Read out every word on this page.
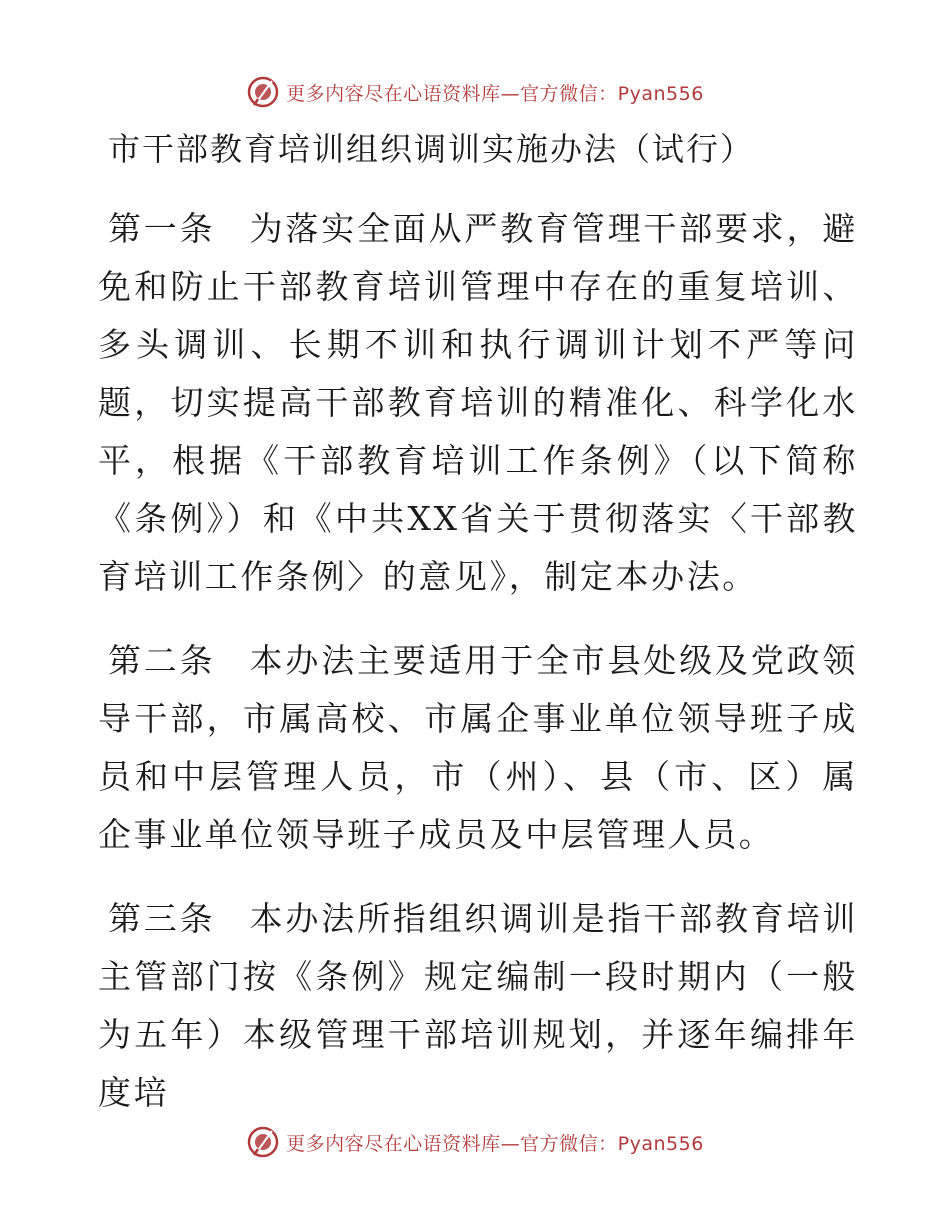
更多内容尽在心语资料库—官方微信：Pyan556
市干部教育培训组织调训实施办法（试行）

第一条 为落实全面从严教育管理干部要求，避免和防止干部教育培训管理中存在的重复培训、多头调训、长期不训和执行调训计划不严等问题，切实提高干部教育培训的精准化、科学化水平，根据《干部教育培训工作条例》（以下简称《条例》）和《中共XX省关于贯彻落实〈干部教育培训工作条例〉的意见》，制定本办法。

第二条 本办法主要适用于全市县处级及党政领导干部，市属高校、市属企事业单位领导班子成员和中层管理人员，市（州）、县（市、区）属企事业单位领导班子成员及中层管理人员。

第三条 本办法所指组织调训是指干部教育培训主管部门按《条例》规定编制一段时期内（一般为五年）本级管理干部培训规划，并逐年编排年度培

更多内容尽在心语资料库—官方微信：Pyan556
